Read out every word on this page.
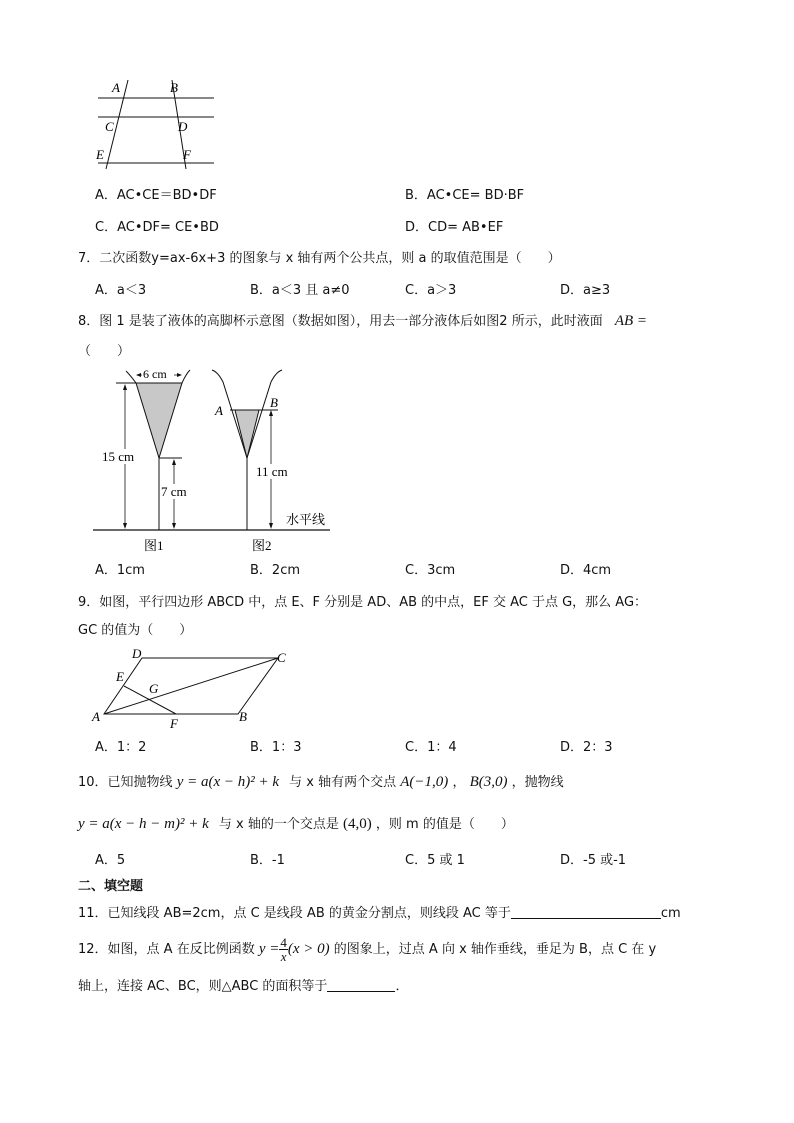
A	B
C	D
E	F
A．AC•CE＝BD•DF	B．AC•CE= BD·BF
C．AC•DF= CE•BD	D．CD= AB•EF
7．二次函数y=ax-6x+3 的图象与 x 轴有两个公共点，则 a 的取值范围是（　　）
A．a＜3	B．a＜3 且 a≠0	C．a＞3	D．a≥3
8．图 1 是装了液体的高脚杯示意图（数据如图），用去一部分液体后如图2 所示，此时液面 AB =
（　　）
6 cm
15 cm
7 cm
A
B
11 cm
水平线
图1	图2
A．1cm	B．2cm	C．3cm	D．4cm
9．如图，平行四边形 ABCD 中，点 E、F 分别是 AD、AB 的中点，EF 交 AC 于点 G，那么 AG：
GC 的值为（　　）
A	B
C
D
E
F
G
A．1：2	B．1：3	C．1：4	D．2：3
10．已知抛物线 y = a(x − h)² + k 与 x 轴有两个交点 A(−1,0) ， B(3,0) ，抛物线
y = a(x − h − m)² + k 与 x 轴的一个交点是 (4,0) ，则 m 的值是（　　）
A．5	B．-1	C．5 或 1	D．-5 或-1
二、填空题
11．已知线段 AB=2cm，点 C 是线段 AB 的黄金分割点，则线段 AC 等于	cm
12．如图，点 A 在反比例函数 $y = \frac{4}{x} (x > 0)$ 的图象上，过点 A 向 x 轴作垂线，垂足为 B，点 C 在 y
轴上，连接 AC、BC，则△ABC 的面积等于	．
